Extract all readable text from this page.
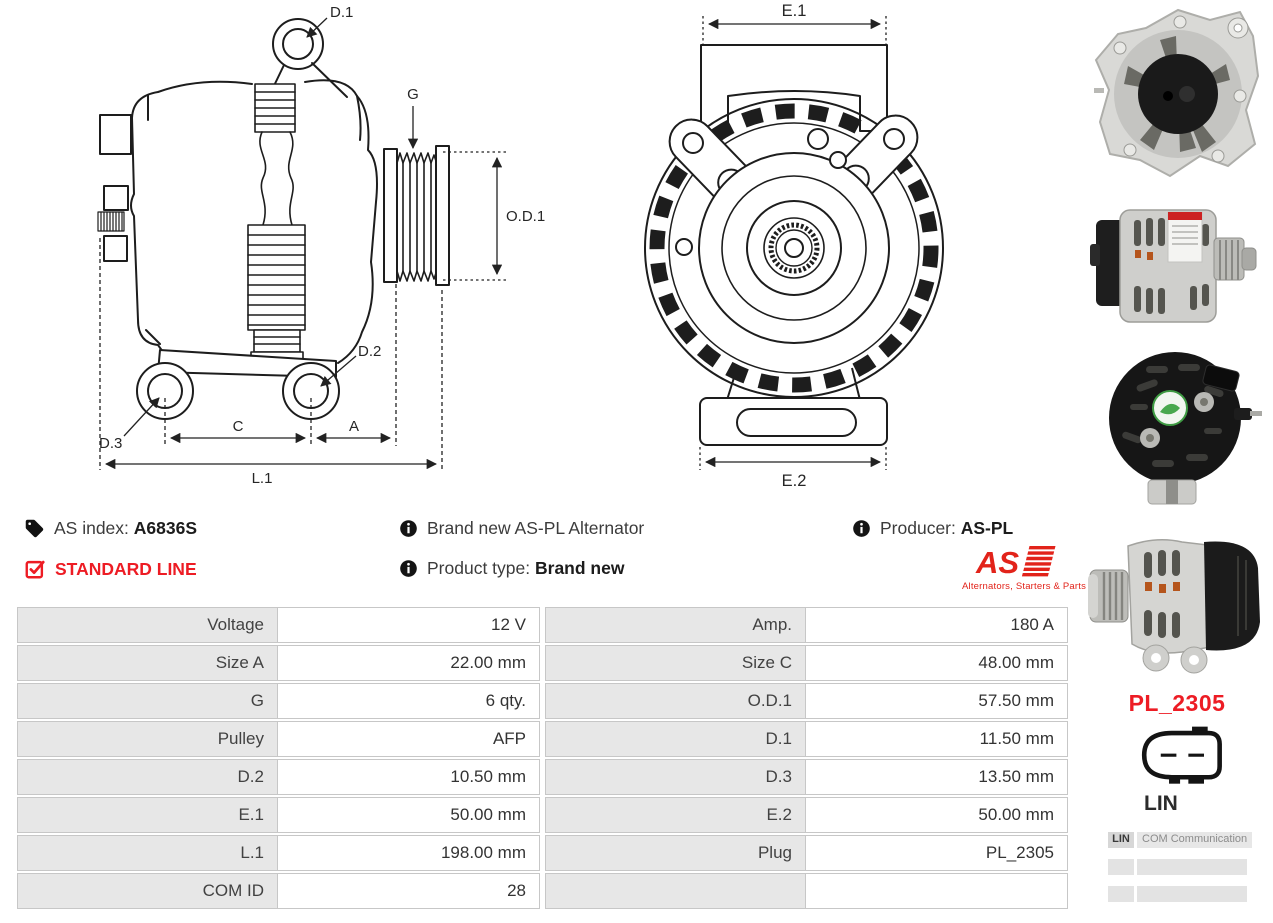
D.1
G
O.D.1
D.2
D.3
C	A
L.1
E.1
E.2
AS index: A6836S
STANDARD LINE
Brand new AS-PL Alternator
Product type: Brand new
Producer: AS-PL
AS
Alternators, Starters & Parts
Voltage	12 V
Size A	22.00 mm
G	6 qty.
Pulley	AFP
D.2	10.50 mm
E.1	50.00 mm
L.1	198.00 mm
COM ID	28
Amp.	180 A
Size C	48.00 mm
O.D.1	57.50 mm
D.1	11.50 mm
D.3	13.50 mm
E.2	50.00 mm
Plug	PL_2305
PL_2305
LIN
LIN	COM Communication
